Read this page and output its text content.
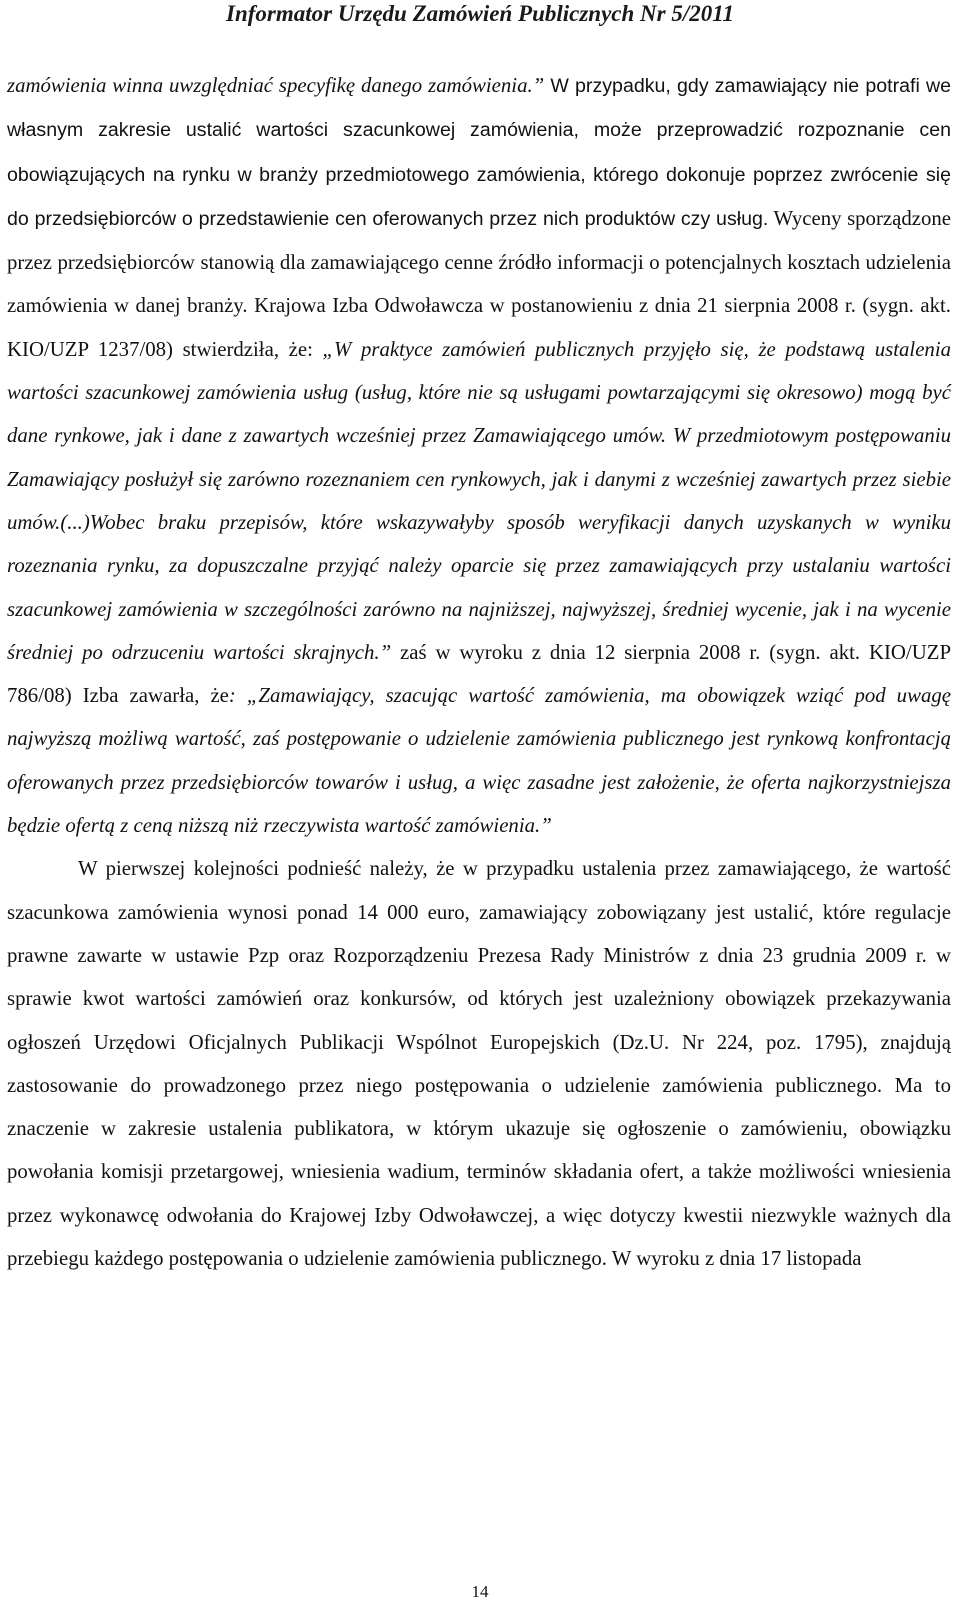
Informator Urzędu Zamówień Publicznych Nr 5/2011

zamówienia winna uwzględniać specyfikę danego zamówienia.” W przypadku, gdy zamawiający nie potrafi we własnym zakresie ustalić wartości szacunkowej zamówienia, może przeprowadzić rozpoznanie cen obowiązujących na rynku w branży przedmiotowego zamówienia, którego dokonuje poprzez zwrócenie się do przedsiębiorców o przedstawienie cen oferowanych przez nich produktów czy usług. Wyceny sporządzone przez przedsiębiorców stanowią dla zamawiającego cenne źródło informacji o potencjalnych kosztach udzielenia zamówienia w danej branży. Krajowa Izba Odwoławcza w postanowieniu z dnia 21 sierpnia 2008 r. (sygn. akt. KIO/UZP 1237/08) stwierdziła, że: „W praktyce zamówień publicznych przyjęło się, że podstawą ustalenia wartości szacunkowej zamówienia usług (usług, które nie są usługami powtarzającymi się okresowo) mogą być dane rynkowe, jak i dane z zawartych wcześniej przez Zamawiającego umów. W przedmiotowym postępowaniu Zamawiający posłużył się zarówno rozeznaniem cen rynkowych, jak i danymi z wcześniej zawartych przez siebie umów.(...)Wobec braku przepisów, które wskazywałyby sposób weryfikacji danych uzyskanych w wyniku rozeznania rynku, za dopuszczalne przyjąć należy oparcie się przez zamawiających przy ustalaniu wartości szacunkowej zamówienia w szczególności zarówno na najniższej, najwyższej, średniej wycenie, jak i na wycenie średniej po odrzuceniu wartości skrajnych.” zaś w wyroku z dnia 12 sierpnia 2008 r. (sygn. akt. KIO/UZP 786/08) Izba zawarła, że: „Zamawiający, szacując wartość zamówienia, ma obowiązek wziąć pod uwagę najwyższą możliwą wartość, zaś postępowanie o udzielenie zamówienia publicznego jest rynkową konfrontacją oferowanych przez przedsiębiorców towarów i usług, a więc zasadne jest założenie, że oferta najkorzystniejsza będzie ofertą z ceną niższą niż rzeczywista wartość zamówienia.”

W pierwszej kolejności podnieść należy, że w przypadku ustalenia przez zamawiającego, że wartość szacunkowa zamówienia wynosi ponad 14 000 euro, zamawiający zobowiązany jest ustalić, które regulacje prawne zawarte w ustawie Pzp oraz Rozporządzeniu Prezesa Rady Ministrów z dnia 23 grudnia 2009 r. w sprawie kwot wartości zamówień oraz konkursów, od których jest uzależniony obowiązek przekazywania ogłoszeń Urzędowi Oficjalnych Publikacji Wspólnot Europejskich (Dz.U. Nr 224, poz. 1795), znajdują zastosowanie do prowadzonego przez niego postępowania o udzielenie zamówienia publicznego. Ma to znaczenie w zakresie ustalenia publikatora, w którym ukazuje się ogłoszenie o zamówieniu, obowiązku powołania komisji przetargowej, wniesienia wadium, terminów składania ofert, a także możliwości wniesienia przez wykonawcę odwołania do Krajowej Izby Odwoławczej, a więc dotyczy kwestii niezwykle ważnych dla przebiegu każdego postępowania o udzielenie zamówienia publicznego. W wyroku z dnia 17 listopada

14
